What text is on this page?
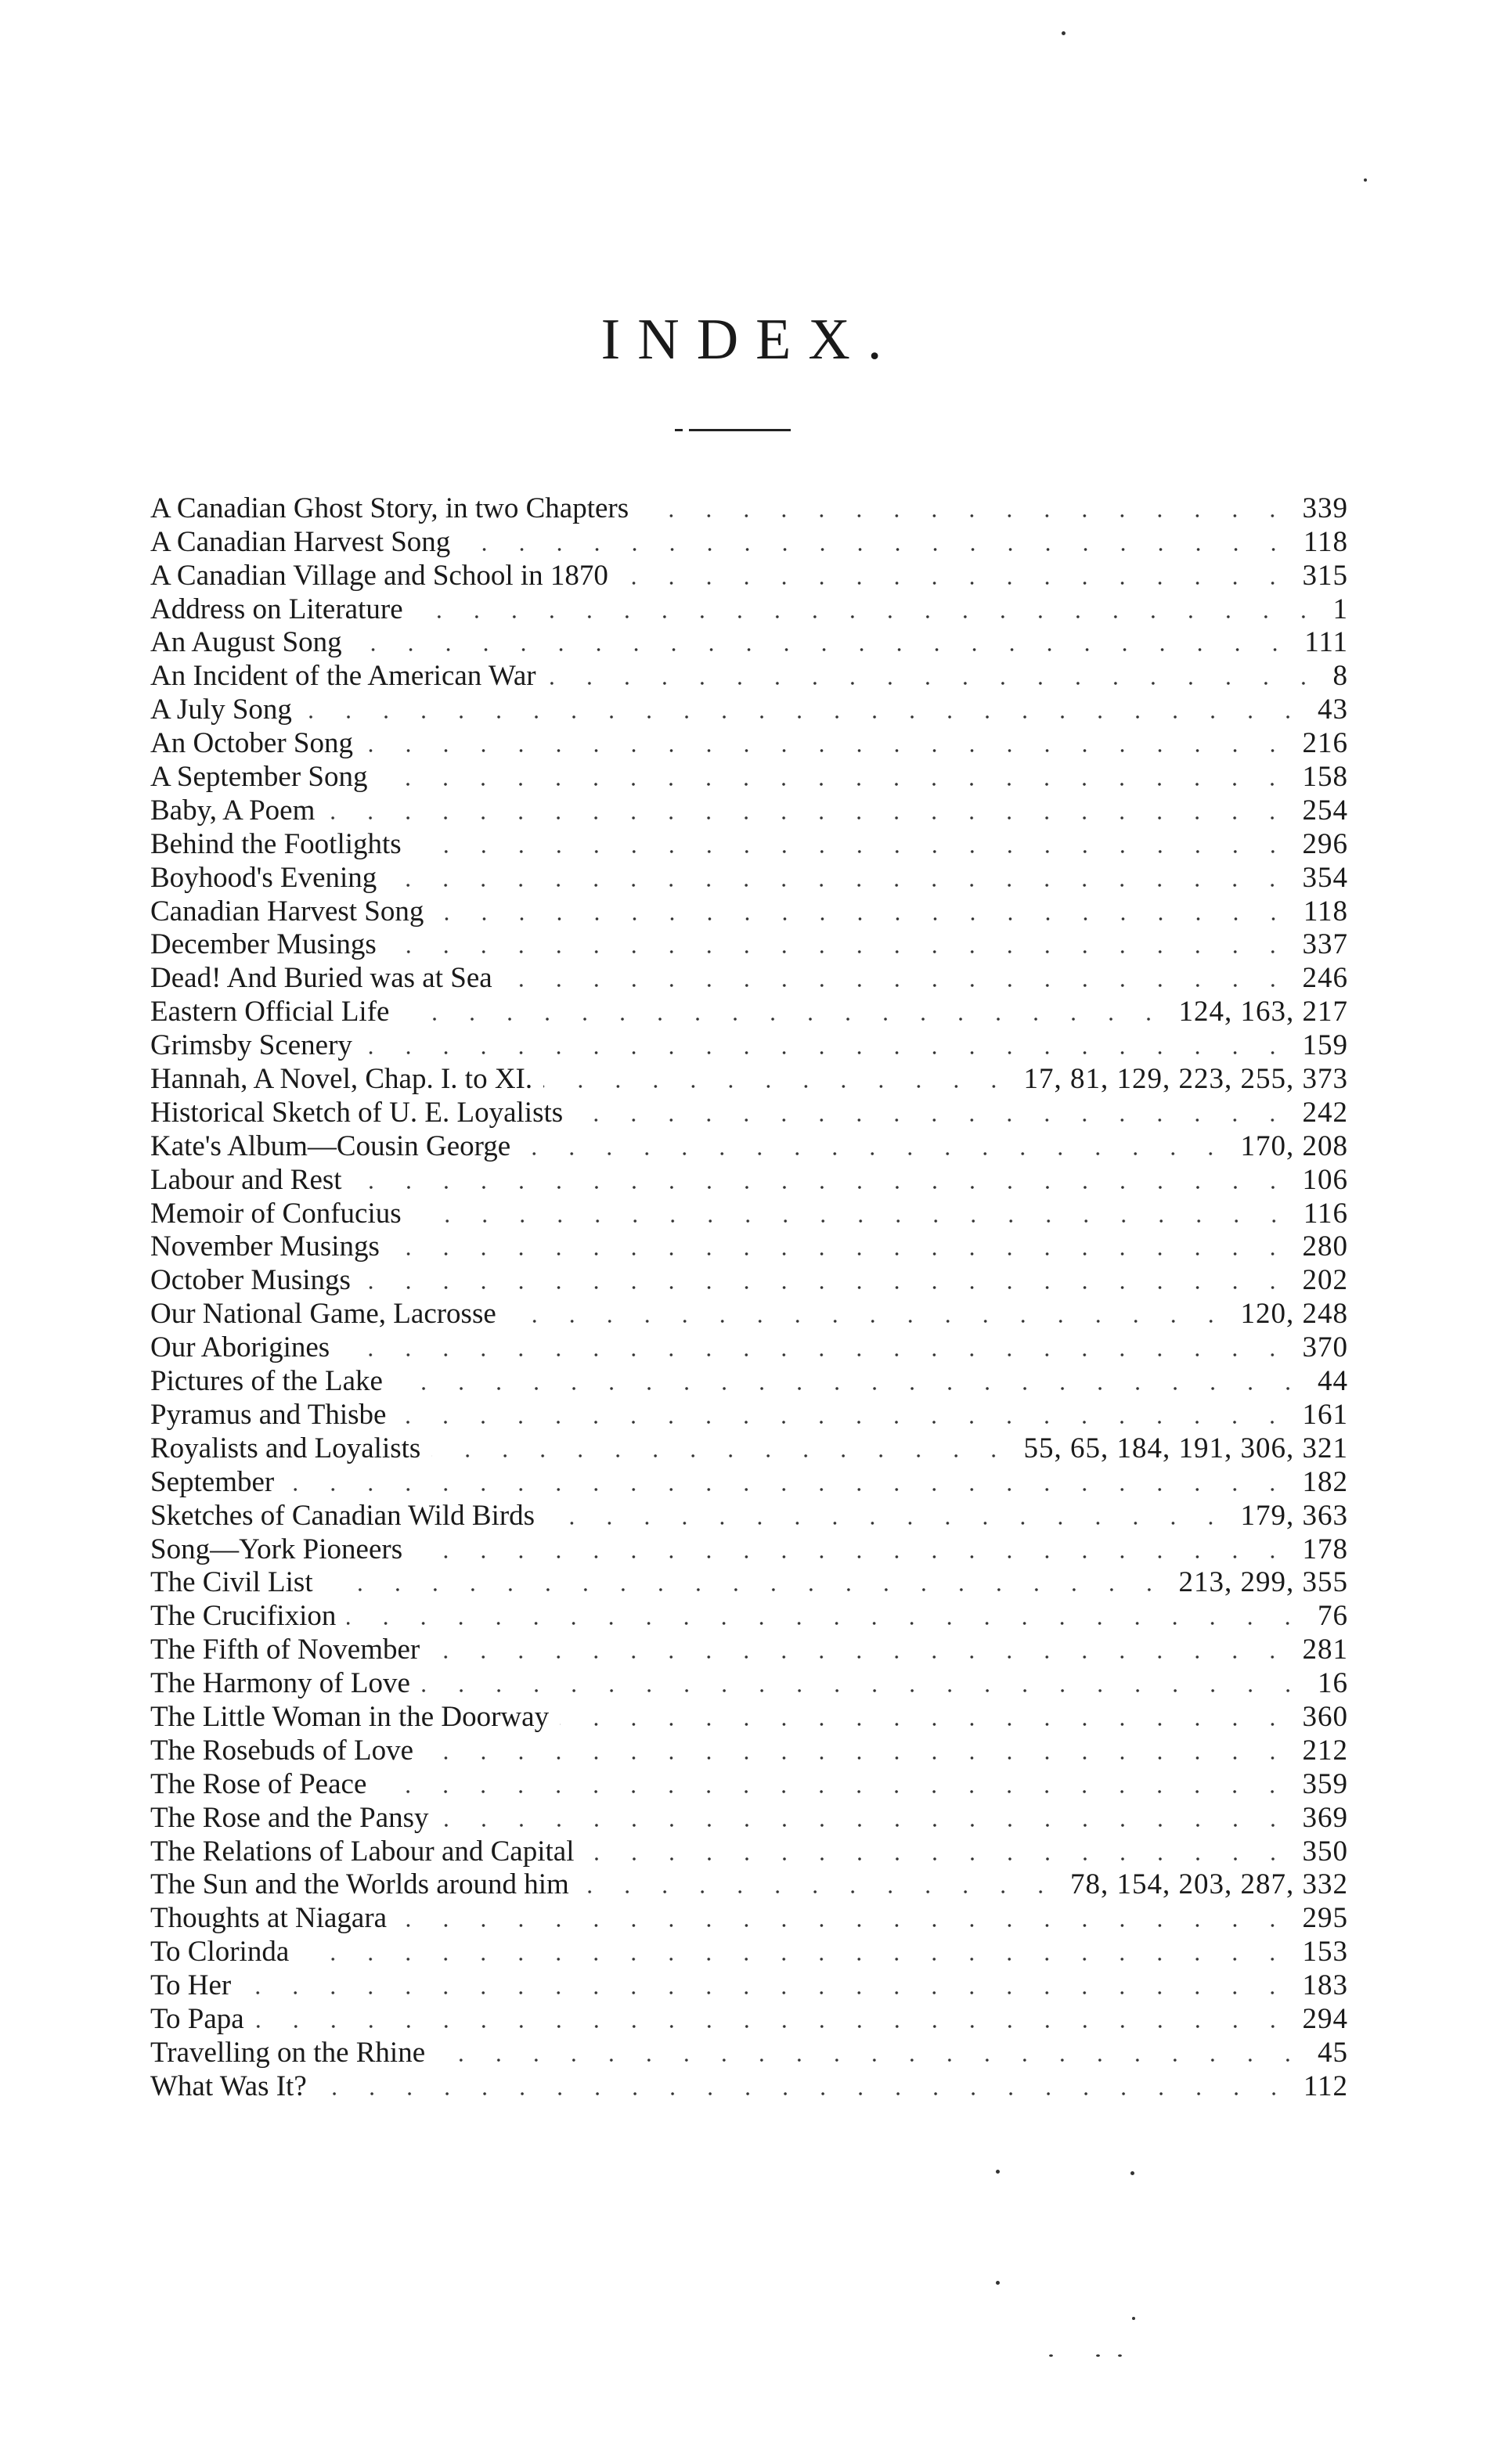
INDEX.
A Canadian Ghost Story, in two Chapters	339
A Canadian Harvest Song	118
A Canadian Village and School in 1870	315
Address on Literature	1
An August Song	111
An Incident of the American War	8
A July Song	43
An October Song	216
A September Song	158
Baby, A Poem	254
Behind the Footlights	296
Boyhood's Evening	354
Canadian Harvest Song	118
December Musings	337
Dead! And Buried was at Sea	246
Eastern Official Life	124, 163, 217
Grimsby Scenery	159
Hannah, A Novel, Chap. I. to XI.	17, 81, 129, 223, 255, 373
Historical Sketch of U. E. Loyalists	242
Kate's Album—Cousin George	170, 208
Labour and Rest	106
Memoir of Confucius	116
November Musings	280
October Musings	202
Our National Game, Lacrosse	120, 248
Our Aborigines	370
Pictures of the Lake	44
Pyramus and Thisbe	161
Royalists and Loyalists	55, 65, 184, 191, 306, 321
September	182
Sketches of Canadian Wild Birds	179, 363
Song—York Pioneers	178
The Civil List	213, 299, 355
The Crucifixion	76
The Fifth of November	281
The Harmony of Love	16
The Little Woman in the Doorway	360
The Rosebuds of Love	212
The Rose of Peace	359
The Rose and the Pansy	369
The Relations of Labour and Capital	350
The Sun and the Worlds around him	78, 154, 203, 287, 332
Thoughts at Niagara	295
To Clorinda	153
To Her	183
To Papa	294
Travelling on the Rhine	45
What Was It?	112
